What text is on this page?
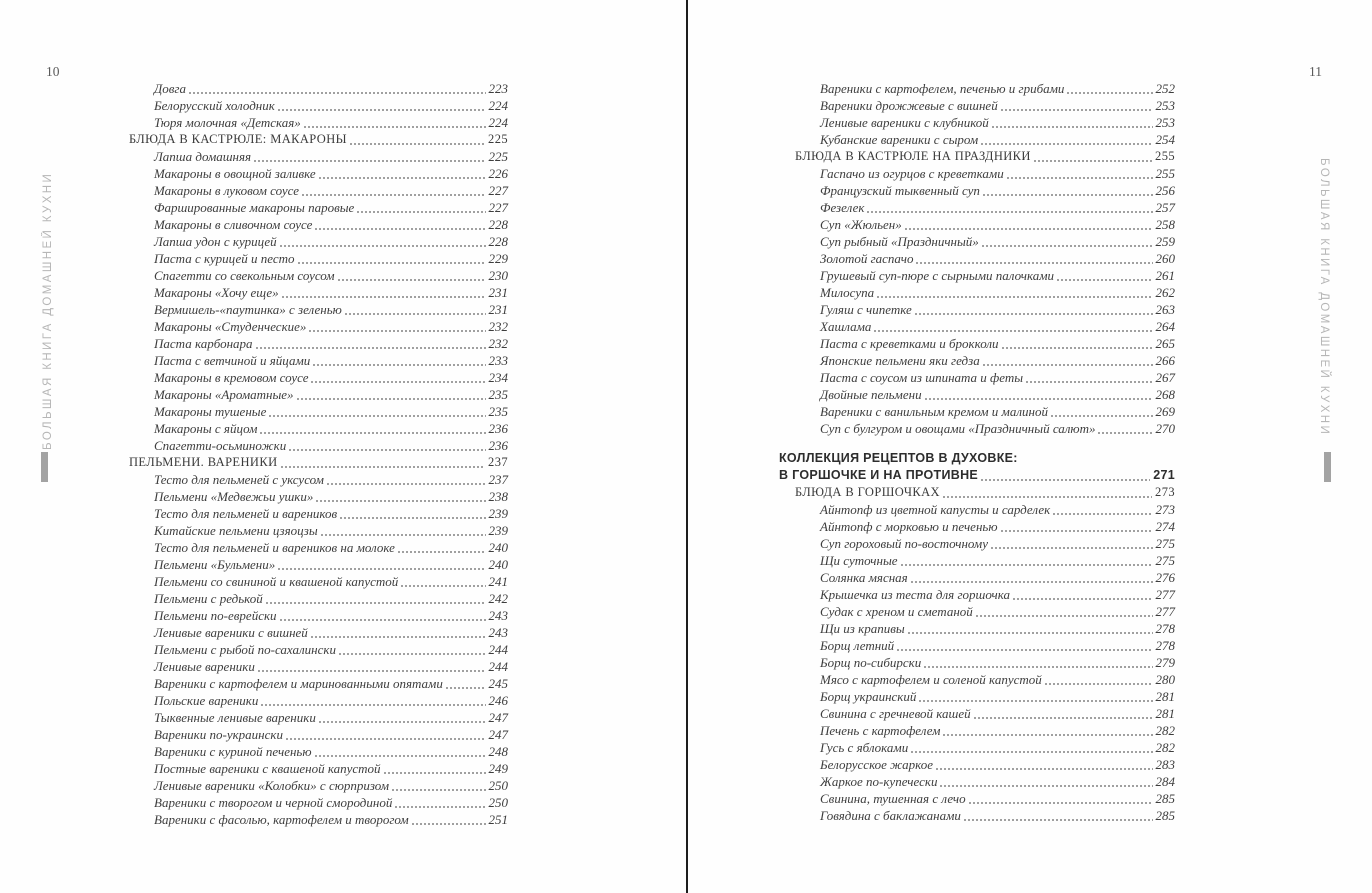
10
БОЛЬШАЯ КНИГА ДОМАШНЕЙ КУХНИ
Довга	223
Белорусский холодник	224
Тюря молочная «Детская»	224
БЛЮДА В КАСТРЮЛЕ: МАКАРОНЫ	225
Лапша домашняя	225
Макароны в овощной заливке	226
Макароны в луковом соусе	227
Фаршированные макароны паровые	227
Макароны в сливочном соусе	228
Лапша удон с курицей	228
Паста с курицей и песто	229
Спагетти со свекольным соусом	230
Макароны «Хочу еще»	231
Вермишель-«паутинка» с зеленью	231
Макароны «Студенческие»	232
Паста карбонара	232
Паста с ветчиной и яйцами	233
Макароны в кремовом соусе	234
Макароны «Ароматные»	235
Макароны тушеные	235
Макароны с яйцом	236
Спагетти-осьминожки	236
ПЕЛЬМЕНИ. ВАРЕНИКИ	237
Тесто для пельменей с уксусом	237
Пельмени «Медвежьи ушки»	238
Тесто для пельменей и вареников	239
Китайские пельмени цзяоцзы	239
Тесто для пельменей и вареников на молоке	240
Пельмени «Бульмени»	240
Пельмени со свининой и квашеной капустой	241
Пельмени с редькой	242
Пельмени по-еврейски	243
Ленивые вареники с вишней	243
Пельмени с рыбой по-сахалински	244
Ленивые вареники	244
Вареники с картофелем и маринованными опятами	245
Польские вареники	246
Тыквенные ленивые вареники	247
Вареники по-украински	247
Вареники с куриной печенью	248
Постные вареники с квашеной капустой	249
Ленивые вареники «Колобки» с сюрпризом	250
Вареники с творогом и черной смородиной	250
Вареники с фасолью, картофелем и творогом	251
11
БОЛЬШАЯ КНИГА ДОМАШНЕЙ КУХНИ
Вареники с картофелем, печенью и грибами	252
Вареники дрожжевые с вишней	253
Ленивые вареники с клубникой	253
Кубанские вареники с сыром	254
БЛЮДА В КАСТРЮЛЕ НА ПРАЗДНИКИ	255
Гаспачо из огурцов с креветками	255
Французский тыквенный суп	256
Фезелек	257
Суп «Жюльен»	258
Суп рыбный «Праздничный»	259
Золотой гаспачо	260
Грушевый суп-пюре с сырными палочками	261
Милосупа	262
Гуляш с чипетке	263
Хашлама	264
Паста с креветками и брокколи	265
Японские пельмени яки гедза	266
Паста с соусом из шпината и феты	267
Двойные пельмени	268
Вареники с ванильным кремом и малиной	269
Суп с булгуром и овощами «Праздничный салют»	270
КОЛЛЕКЦИЯ РЕЦЕПТОВ В ДУХОВКЕ:
В ГОРШОЧКЕ И НА ПРОТИВНЕ	271
БЛЮДА В ГОРШОЧКАХ	273
Айнтопф из цветной капусты и сарделек	273
Айнтопф с морковью и печенью	274
Суп гороховый по-восточному	275
Щи суточные	275
Солянка мясная	276
Крышечка из теста для горшочка	277
Судак с хреном и сметаной	277
Щи из крапивы	278
Борщ летний	278
Борщ по-сибирски	279
Мясо с картофелем и соленой капустой	280
Борщ украинский	281
Свинина с гречневой кашей	281
Печень с картофелем	282
Гусь с яблоками	282
Белорусское жаркое	283
Жаркое по-купечески	284
Свинина, тушенная с лечо	285
Говядина с баклажанами	285
